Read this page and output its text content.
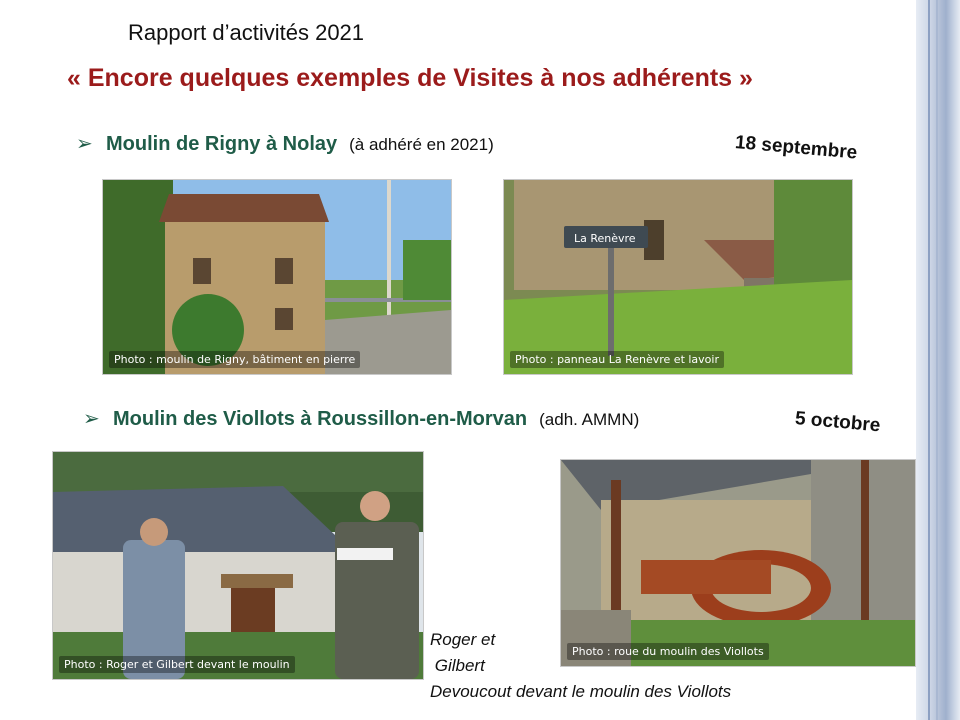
Rapport d’activités 2021
« Encore quelques exemples de Visites à nos adhérents »
➢ Moulin de Rigny à Nolay (à adhéré en 2021)	18 septembre
Photo : moulin de Rigny, bâtiment en pierre
La Renèvre
Photo : panneau La Renèvre et lavoir
➢ Moulin des Viollots à Roussillon-en-Morvan (adh. AMMN)	5 octobre
Photo : Roger et Gilbert devant le moulin
Photo : roue du moulin des Viollots
Roger et
Gilbert
Devoucout devant le moulin des Viollots
